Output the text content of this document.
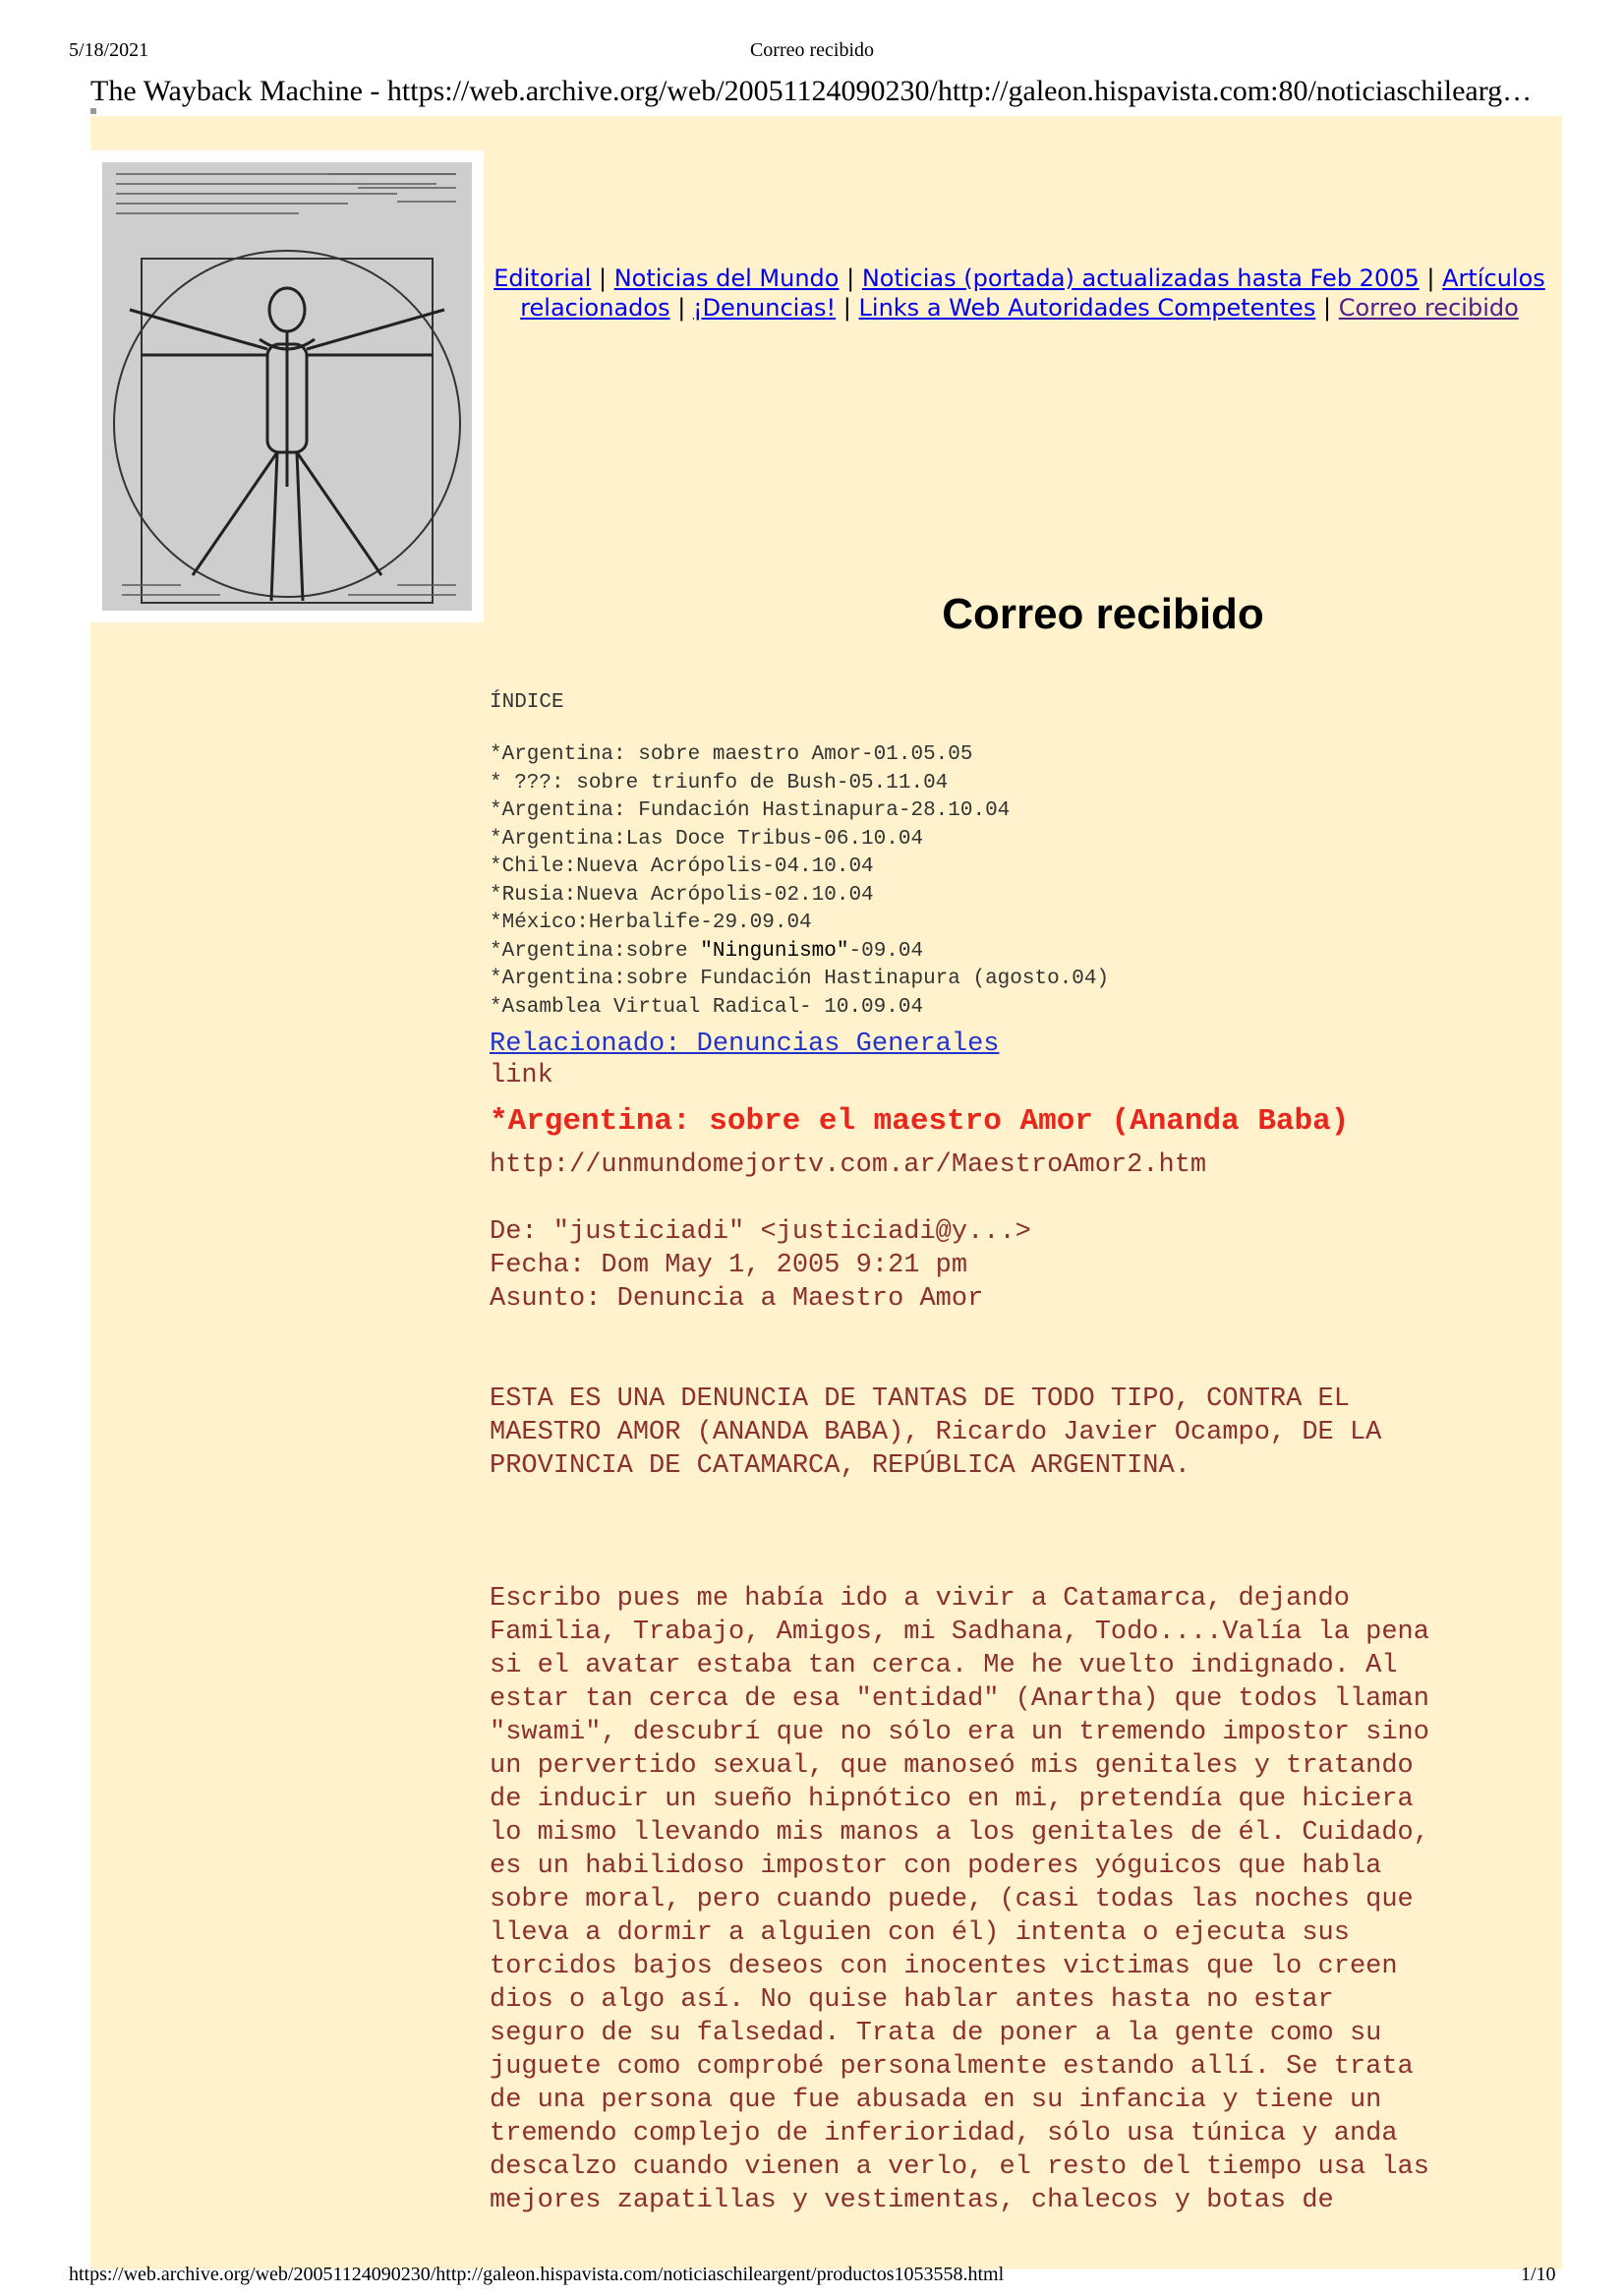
5/18/2021	Correo recibido
The Wayback Machine - https://web.archive.org/web/20051124090230/http://galeon.hispavista.com:80/noticiaschilearg…
Editorial | Noticias del Mundo | Noticias (portada) actualizadas hasta Feb 2005 | Artículos relacionados | ¡Denuncias! | Links a Web Autoridades Competentes | Correo recibido
Correo recibido
ÍNDICE
*Argentina: sobre maestro Amor-01.05.05
* ???: sobre triunfo de Bush-05.11.04
*Argentina: Fundación Hastinapura-28.10.04
*Argentina:Las Doce Tribus-06.10.04
*Chile:Nueva Acrópolis-04.10.04
*Rusia:Nueva Acrópolis-02.10.04
*México:Herbalife-29.09.04
*Argentina:sobre "Ningunismo"-09.04
*Argentina:sobre Fundación Hastinapura (agosto.04)
*Asamblea Virtual Radical- 10.09.04
Relacionado: Denuncias Generales
link
*Argentina: sobre el maestro Amor (Ananda Baba)
http://unmundomejortv.com.ar/MaestroAmor2.htm
De: "justiciadi" <justiciadi@y...>
Fecha: Dom May 1, 2005 9:21 pm
Asunto: Denuncia a Maestro Amor
ESTA ES UNA DENUNCIA DE TANTAS DE TODO TIPO, CONTRA EL
MAESTRO AMOR (ANANDA BABA), Ricardo Javier Ocampo, DE LA
PROVINCIA DE CATAMARCA, REPÚBLICA ARGENTINA.
Escribo pues me había ido a vivir a Catamarca, dejando
Familia, Trabajo, Amigos, mi Sadhana, Todo....Valía la pena
si el avatar estaba tan cerca. Me he vuelto indignado. Al
estar tan cerca de esa "entidad" (Anartha) que todos llaman
"swami", descubrí que no sólo era un tremendo impostor sino
un pervertido sexual, que manoseó mis genitales y tratando
de inducir un sueño hipnótico en mi, pretendía que hiciera
lo mismo llevando mis manos a los genitales de él. Cuidado,
es un habilidoso impostor con poderes yóguicos que habla
sobre moral, pero cuando puede, (casi todas las noches que
lleva a dormir a alguien con él) intenta o ejecuta sus
torcidos bajos deseos con inocentes victimas que lo creen
dios o algo así. No quise hablar antes hasta no estar
seguro de su falsedad. Trata de poner a la gente como su
juguete como comprobé personalmente estando allí. Se trata
de una persona que fue abusada en su infancia y tiene un
tremendo complejo de inferioridad, sólo usa túnica y anda
descalzo cuando vienen a verlo, el resto del tiempo usa las
mejores zapatillas y vestimentas, chalecos y botas de
https://web.archive.org/web/20051124090230/http://galeon.hispavista.com/noticiaschileargent/productos1053558.html	1/10
